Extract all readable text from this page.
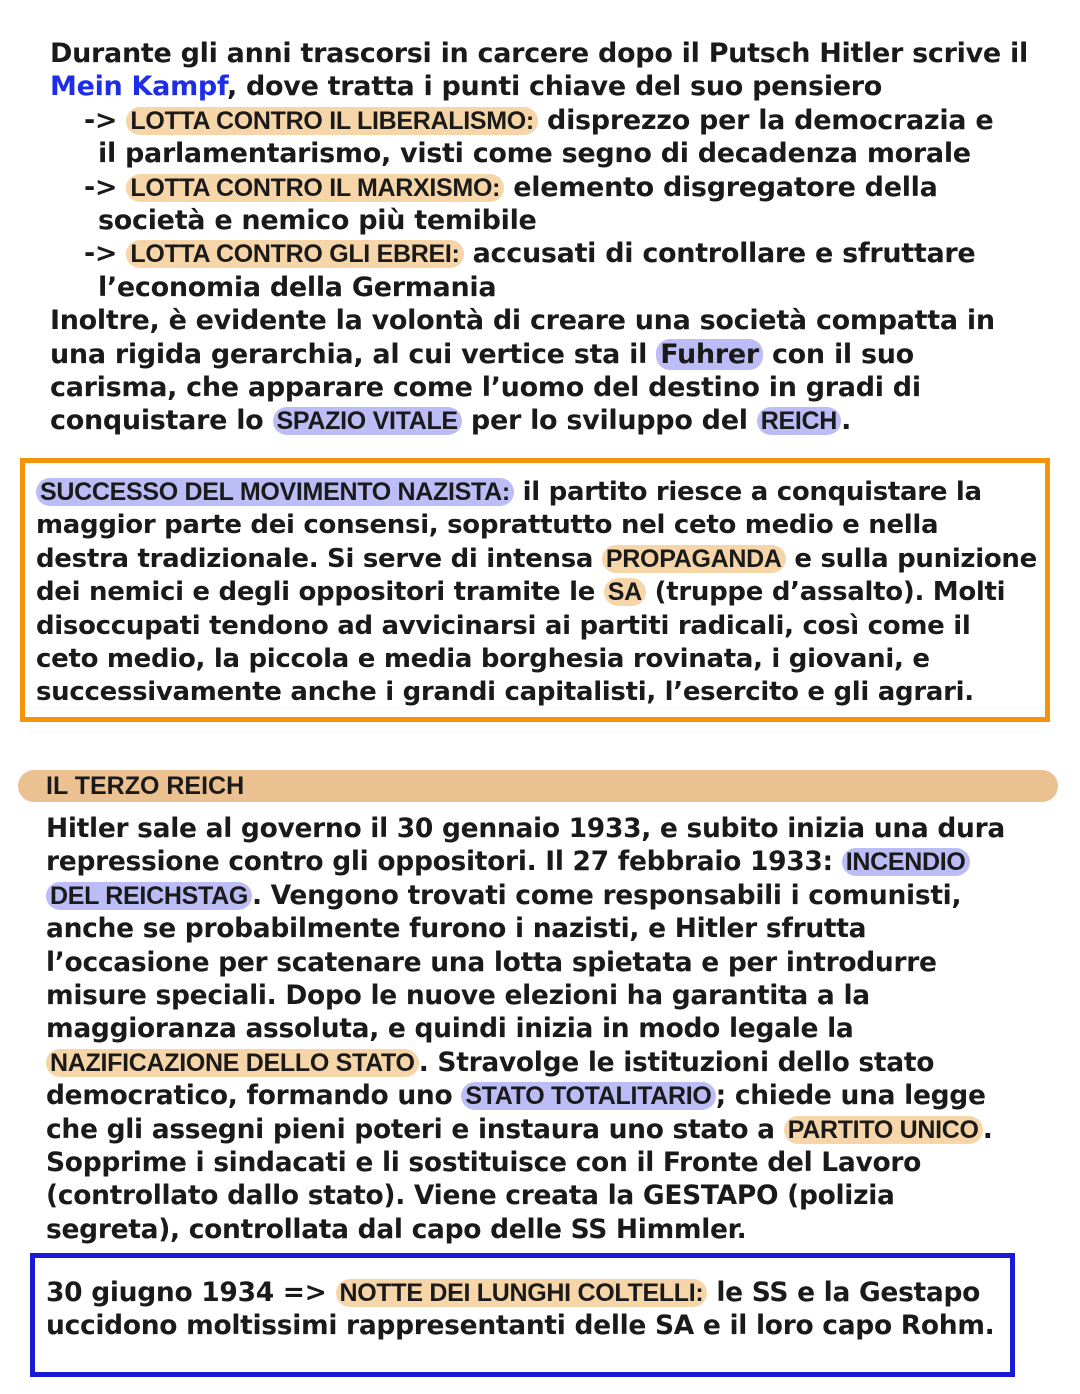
Durante gli anni trascorsi in carcere dopo il Putsch Hitler scrive il
Mein Kampf, dove tratta i punti chiave del suo pensiero
-> LOTTA CONTRO IL LIBERALISMO: disprezzo per la democrazia e
il parlamentarismo, visti come segno di decadenza morale
-> LOTTA CONTRO IL MARXISMO: elemento disgregatore della
società e nemico più temibile
-> LOTTA CONTRO GLI EBREI: accusati di controllare e sfruttare
l’economia della Germania
Inoltre, è evidente la volontà di creare una società compatta in
una rigida gerarchia, al cui vertice sta il Fuhrer con il suo
carisma, che apparare come l’uomo del destino in gradi di
conquistare lo SPAZIO VITALE per lo sviluppo del REICH .
SUCCESSO DEL MOVIMENTO NAZISTA: il partito riesce a conquistare la
maggior parte dei consensi, soprattutto nel ceto medio e nella
destra tradizionale. Si serve di intensa PROPAGANDA e sulla punizione
dei nemici e degli oppositori tramite le SA (truppe d’assalto). Molti
disoccupati tendono ad avvicinarsi ai partiti radicali, così come il
ceto medio, la piccola e media borghesia rovinata, i giovani, e
successivamente anche i grandi capitalisti, l’esercito e gli agrari.
IL TERZO REICH
Hitler sale al governo il 30 gennaio 1933, e subito inizia una dura
repressione contro gli oppositori. Il 27 febbraio 1933: INCENDIO
DEL REICHSTAG . Vengono trovati come responsabili i comunisti,
anche se probabilmente furono i nazisti, e Hitler sfrutta
l’occasione per scatenare una lotta spietata e per introdurre
misure speciali. Dopo le nuove elezioni ha garantita a la
maggioranza assoluta, e quindi inizia in modo legale la
NAZIFICAZIONE DELLO STATO . Stravolge le istituzioni dello stato
democratico, formando uno STATO TOTALITARIO ; chiede una legge
che gli assegni pieni poteri e instaura uno stato a PARTITO UNICO .
Sopprime i sindacati e li sostituisce con il Fronte del Lavoro
(controllato dallo stato). Viene creata la GESTAPO (polizia
segreta), controllata dal capo delle SS Himmler.
30 giugno 1934 => NOTTE DEI LUNGHI COLTELLI: le SS e la Gestapo
uccidono moltissimi rappresentanti delle SA e il loro capo Rohm.
